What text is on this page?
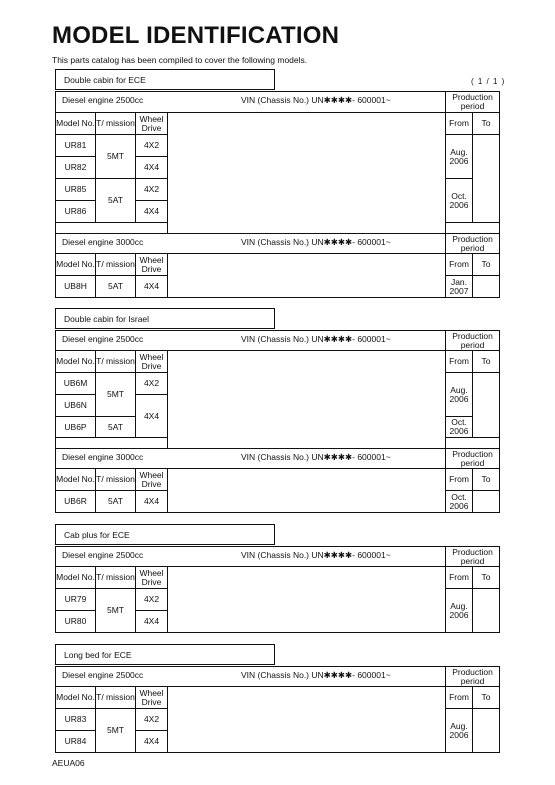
MODEL IDENTIFICATION
This parts catalog has been compiled to cover the following models.
( 1 / 1 )
Double cabin for ECE
Diesel engine 2500cc VIN (Chassis No.) UN✱✱✱✱- 600001~				Production period	
Model No.	T/ mission	Wheel Drive		From	To
UR81	5MT	4X2		Aug. 2006	
UR82		4X4			
UR85	5AT	4X2		Oct. 2006	
UR86		4X4			

Diesel engine 3000cc VIN (Chassis No.) UN✱✱✱✱- 600001~				Production period	
Model No.	T/ mission	Wheel Drive		From	To
UB8H	5AT	4X4		Jan. 2007	
Double cabin for Israel
Diesel engine 2500cc VIN (Chassis No.) UN✱✱✱✱- 600001~				Production period	
Model No.	T/ mission	Wheel Drive		From	To
UB6M	5MT	4X2		Aug. 2006	
UB6N		4X4			
UB6P	5AT			Oct. 2006	

Diesel engine 3000cc VIN (Chassis No.) UN✱✱✱✱- 600001~				Production period	
Model No.	T/ mission	Wheel Drive		From	To
UB6R	5AT	4X4		Oct. 2006	
Cab plus for ECE
Diesel engine 2500cc VIN (Chassis No.) UN✱✱✱✱- 600001~				Production period	
Model No.	T/ mission	Wheel Drive		From	To
UR79	5MT	4X2		Aug. 2006	
UR80		4X4			
Long bed for ECE
Diesel engine 2500cc VIN (Chassis No.) UN✱✱✱✱- 600001~				Production period	
Model No.	T/ mission	Wheel Drive		From	To
UR83	5MT	4X2		Aug. 2006	
UR84		4X4			
AEUA06
